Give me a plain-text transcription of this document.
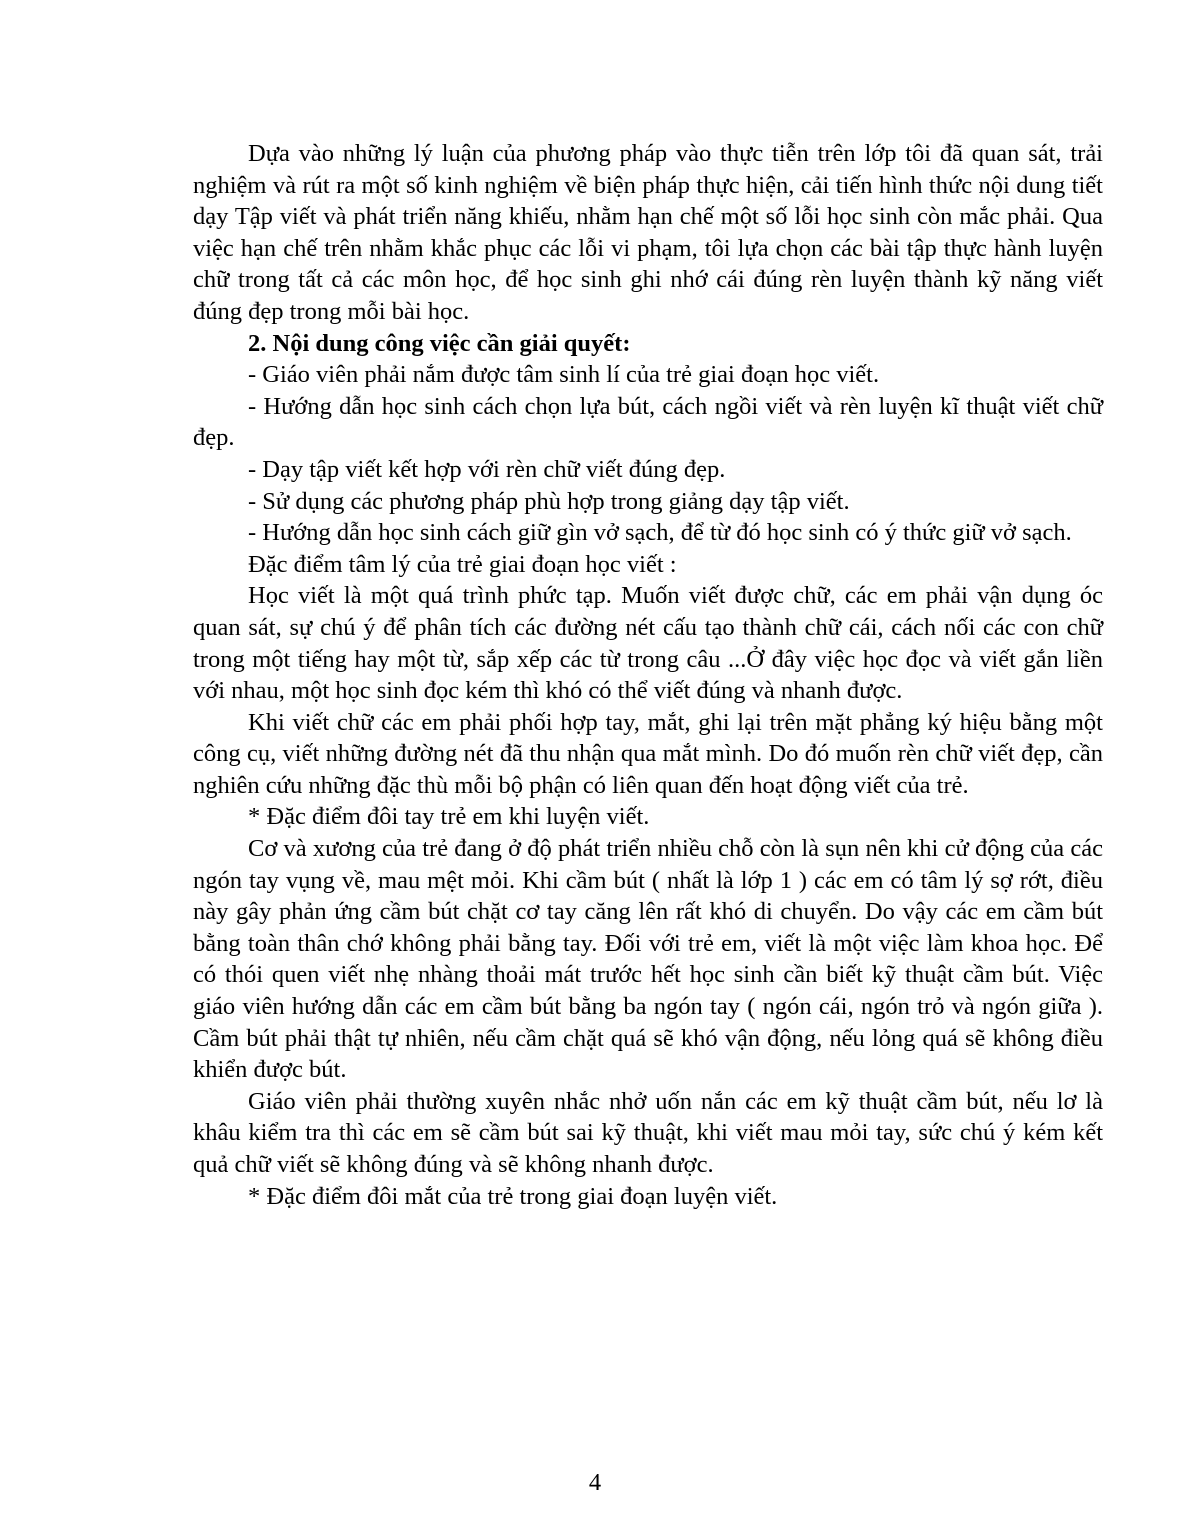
Dựa vào những lý luận của phương pháp vào thực tiễn trên lớp tôi đã quan sát, trải nghiệm và rút ra một số kinh nghiệm về biện pháp thực hiện, cải tiến hình thức nội dung tiết dạy Tập viết và phát triển năng khiếu, nhằm hạn chế một số lỗi học sinh còn mắc phải. Qua việc hạn chế trên nhằm khắc phục các lỗi vi phạm, tôi lựa chọn các bài tập thực hành luyện chữ trong tất cả các môn học, để học sinh ghi nhớ cái đúng rèn luyện thành kỹ năng viết đúng đẹp trong mỗi bài học.

2. Nội dung công việc cần giải quyết:

- Giáo viên phải nắm được tâm sinh lí của trẻ giai đoạn học viết.

- Hướng dẫn học sinh cách chọn lựa bút, cách ngồi viết và rèn luyện kĩ thuật viết chữ đẹp.

- Dạy tập viết kết hợp với rèn chữ viết đúng đẹp.

- Sử dụng các phương pháp phù hợp trong giảng dạy tập viết.

- Hướng dẫn học sinh cách giữ gìn vở sạch, để từ đó học sinh có ý thức giữ vở sạch.

Đặc điểm tâm lý của trẻ giai đoạn học viết :

Học viết là một quá trình phức tạp. Muốn viết được chữ, các em phải vận dụng óc quan sát, sự chú ý để phân tích các đường nét cấu tạo thành chữ cái, cách nối các con chữ trong một tiếng hay một từ, sắp xếp các từ trong câu ...Ở đây việc học đọc và viết gắn liền với nhau, một học sinh đọc kém thì khó có thể viết đúng và nhanh được.

Khi viết chữ các em phải phối hợp tay, mắt, ghi lại trên mặt phẳng ký hiệu bằng một công cụ, viết những đường nét đã thu nhận qua mắt mình. Do đó muốn rèn chữ viết đẹp, cần nghiên cứu những đặc thù mỗi bộ phận có liên quan đến hoạt động viết của trẻ.

* Đặc điểm đôi tay trẻ em khi luyện viết.

Cơ và xương của trẻ đang ở độ phát triển nhiều chỗ còn là sụn nên khi cử động của các ngón tay vụng về, mau mệt mỏi. Khi cầm bút ( nhất là lớp 1 ) các em có tâm lý sợ rớt, điều này gây phản ứng cầm bút chặt cơ tay căng lên rất khó di chuyển. Do vậy các em cầm bút bằng toàn thân chớ không phải bằng tay. Đối với trẻ em, viết là một việc làm khoa học. Để có thói quen viết nhẹ nhàng thoải mát trước hết học sinh cần biết kỹ thuật cầm bút. Việc giáo viên hướng dẫn các em cầm bút bằng ba ngón tay ( ngón cái, ngón trỏ và ngón giữa ). Cầm bút phải thật tự nhiên, nếu cầm chặt quá sẽ khó vận động, nếu lỏng quá sẽ không điều khiển được bút.

Giáo viên phải thường xuyên nhắc nhở uốn nắn các em kỹ thuật cầm bút, nếu lơ là khâu kiểm tra thì các em sẽ cầm bút sai kỹ thuật, khi viết mau mỏi tay, sức chú ý kém kết quả chữ viết sẽ không đúng và sẽ không nhanh được.

* Đặc điểm đôi mắt của trẻ trong giai đoạn luyện viết.

4
